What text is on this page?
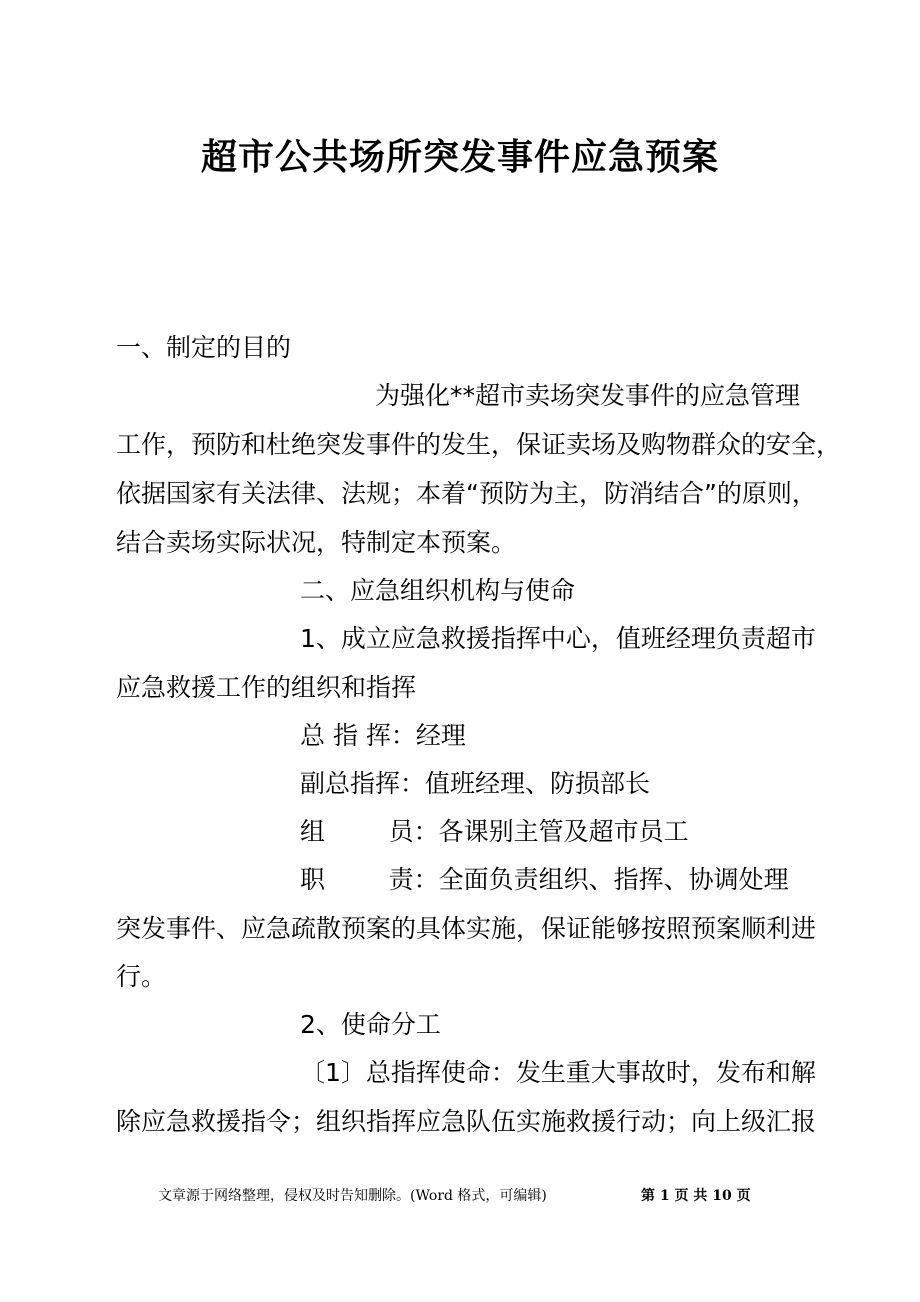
超市公共场所突发事件应急预案
一、制定的目的
为强化**超市卖场突发事件的应急管理
工作，预防和杜绝突发事件的发生，保证卖场及购物群众的安全，
依据国家有关法律、法规；本着“预防为主，防消结合”的原则，
结合卖场实际状况，特制定本预案。
二、应急组织机构与使命
1、成立应急救援指挥中心，值班经理负责超市
应急救援工作的组织和指挥
总 指 挥：经理
副总指挥：值班经理、防损部长
组        员：各课别主管及超市员工
职        责：全面负责组织、指挥、协调处理
突发事件、应急疏散预案的具体实施，保证能够按照预案顺利进
行。
2、使命分工
〔1〕总指挥使命：发生重大事故时，发布和解
除应急救援指令；组织指挥应急队伍实施救援行动；向上级汇报
文章源于网络整理，侵权及时告知删除。(Word 格式，可编辑)	第 1 页 共 10 页
